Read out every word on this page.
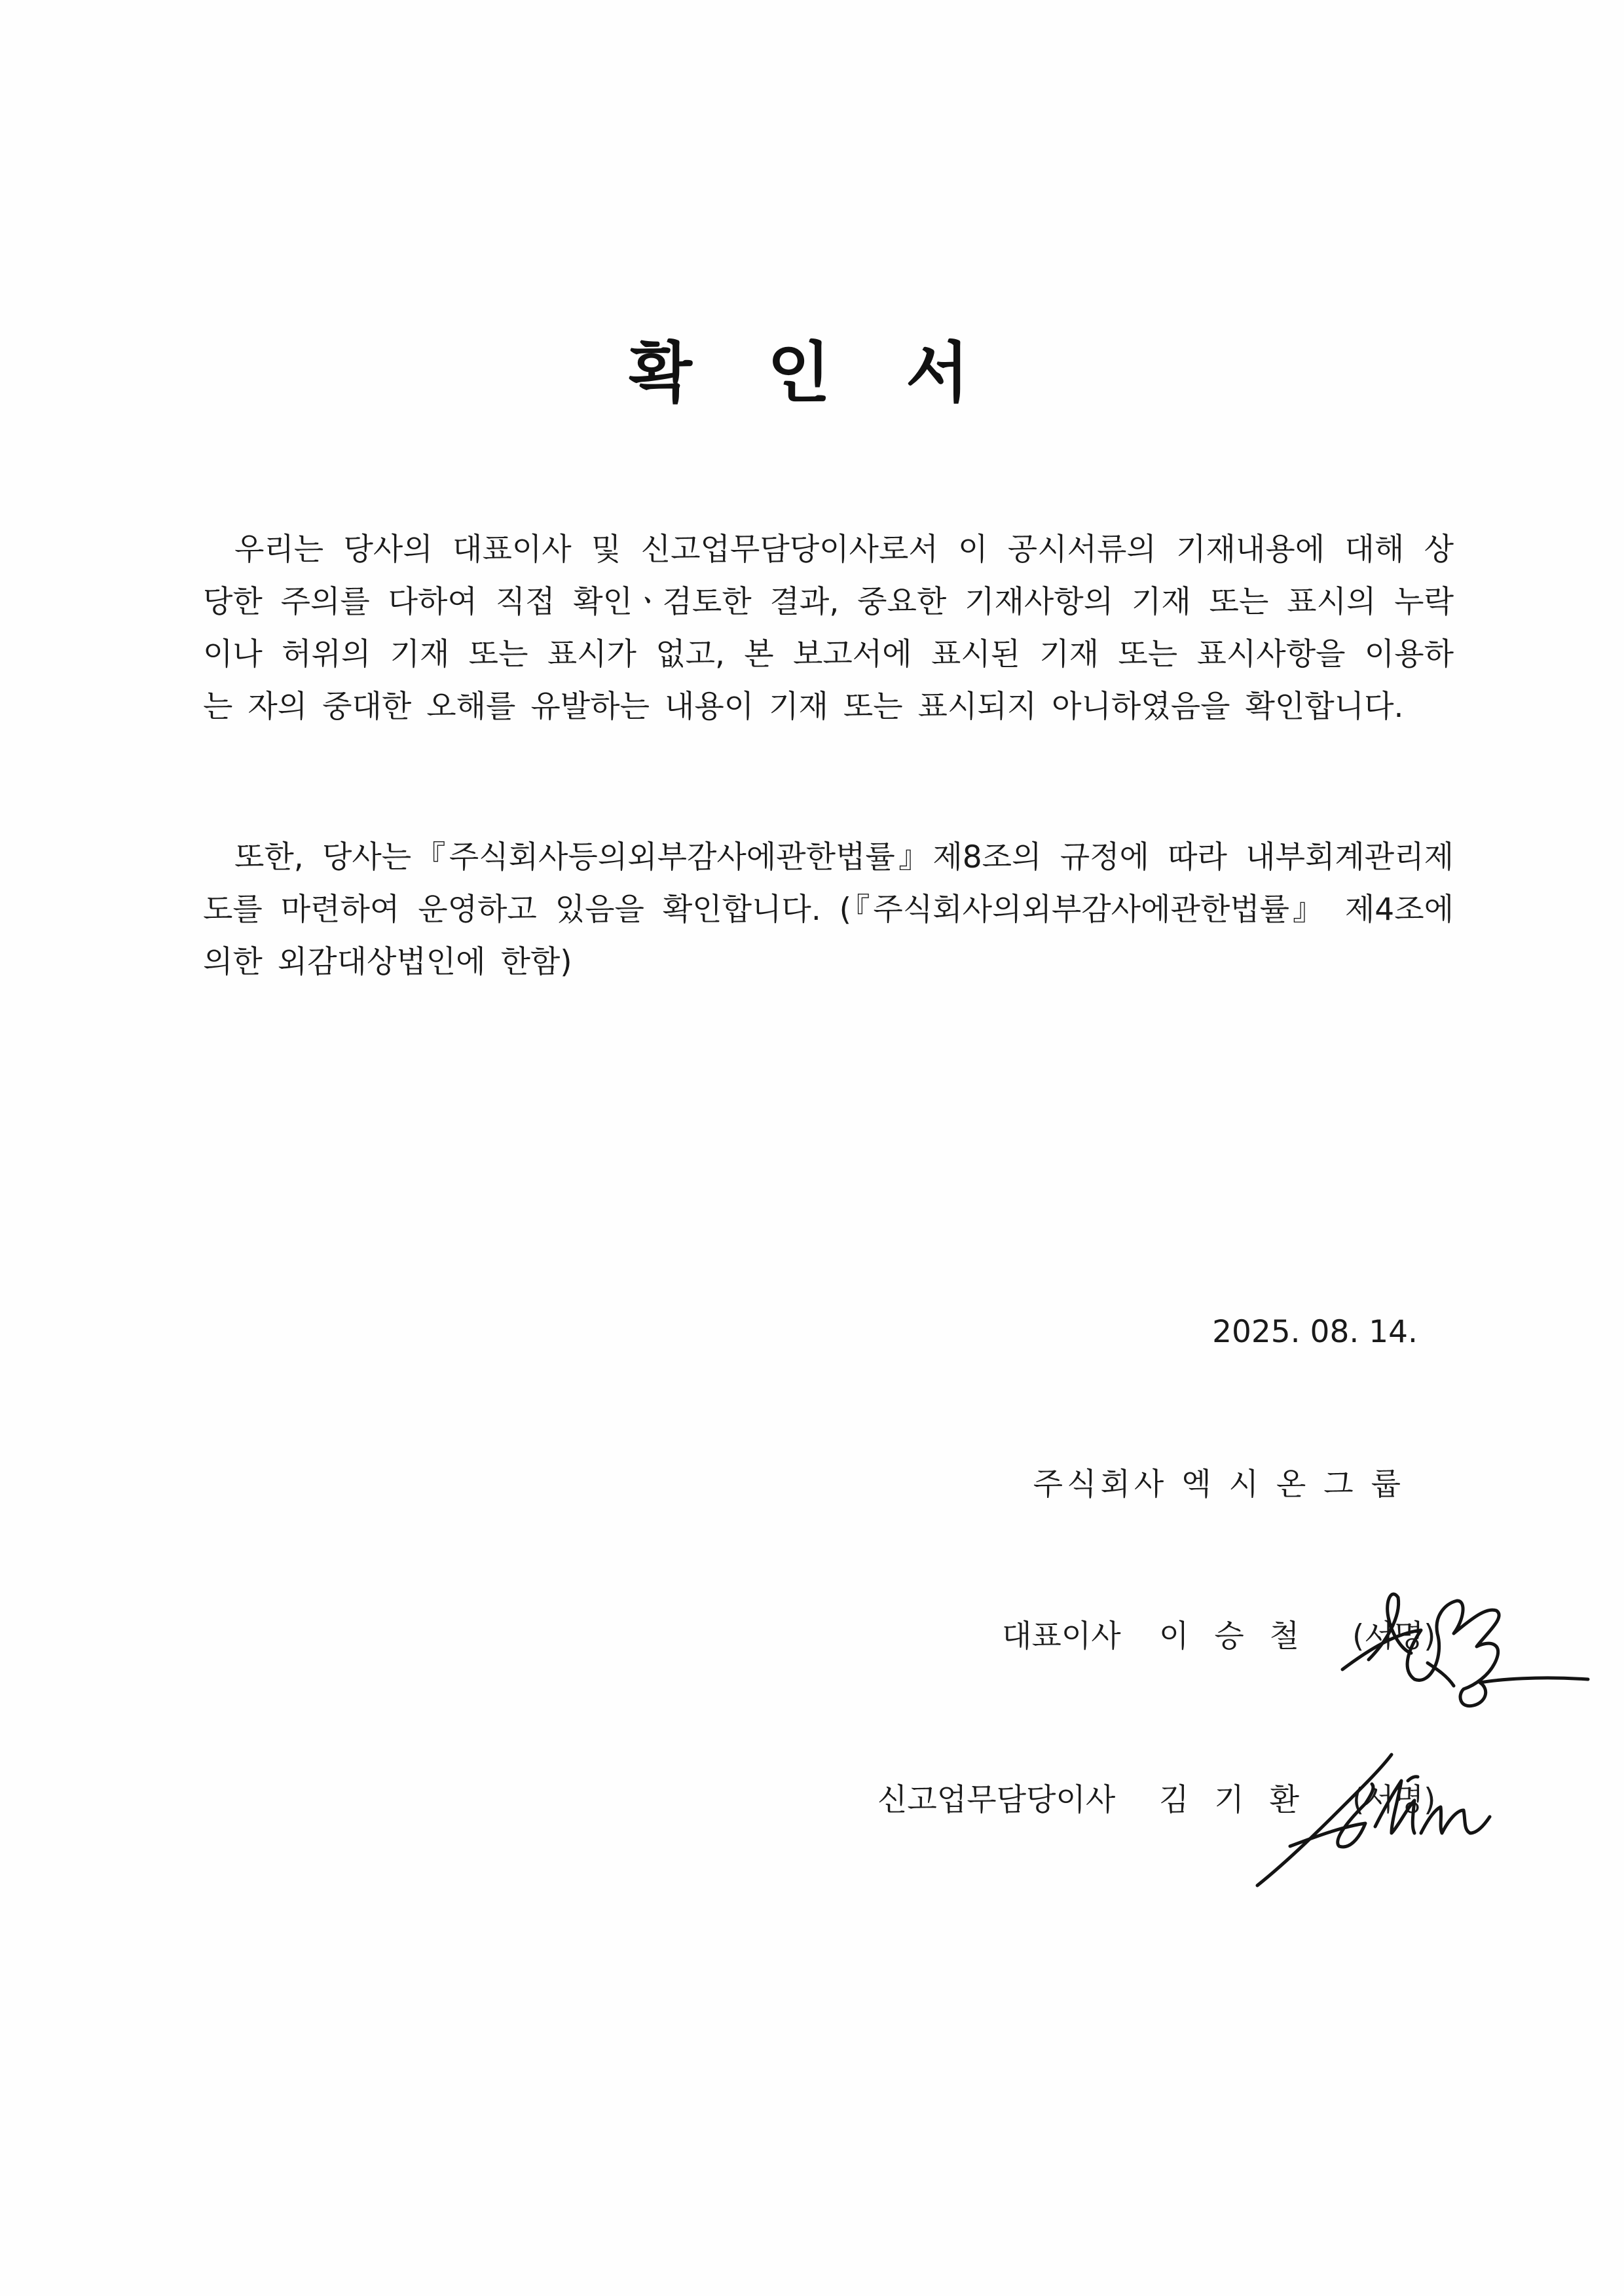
확 인 서
우리는 당사의 대표이사 및 신고업무담당이사로서 이 공시서류의 기재내용에 대해 상
당한 주의를 다하여 직접 확인ㆍ검토한 결과, 중요한 기재사항의 기재 또는 표시의 누락
이나 허위의 기재 또는 표시가 없고, 본 보고서에 표시된 기재 또는 표시사항을 이용하
는 자의 중대한 오해를 유발하는 내용이 기재 또는 표시되지 아니하였음을 확인합니다.
또한, 당사는『주식회사등의외부감사에관한법률』제8조의 규정에 따라 내부회계관리제
도를 마련하여 운영하고 있음을 확인합니다. (『주식회사의외부감사에관한법률』 제4조에
의한 외감대상법인에 한함)
2025. 08. 14.
주식회사 엑 시 온 그 룹
대표이사 이 승 철 (서명)
신고업무담당이사 김 기 환 (서명)
